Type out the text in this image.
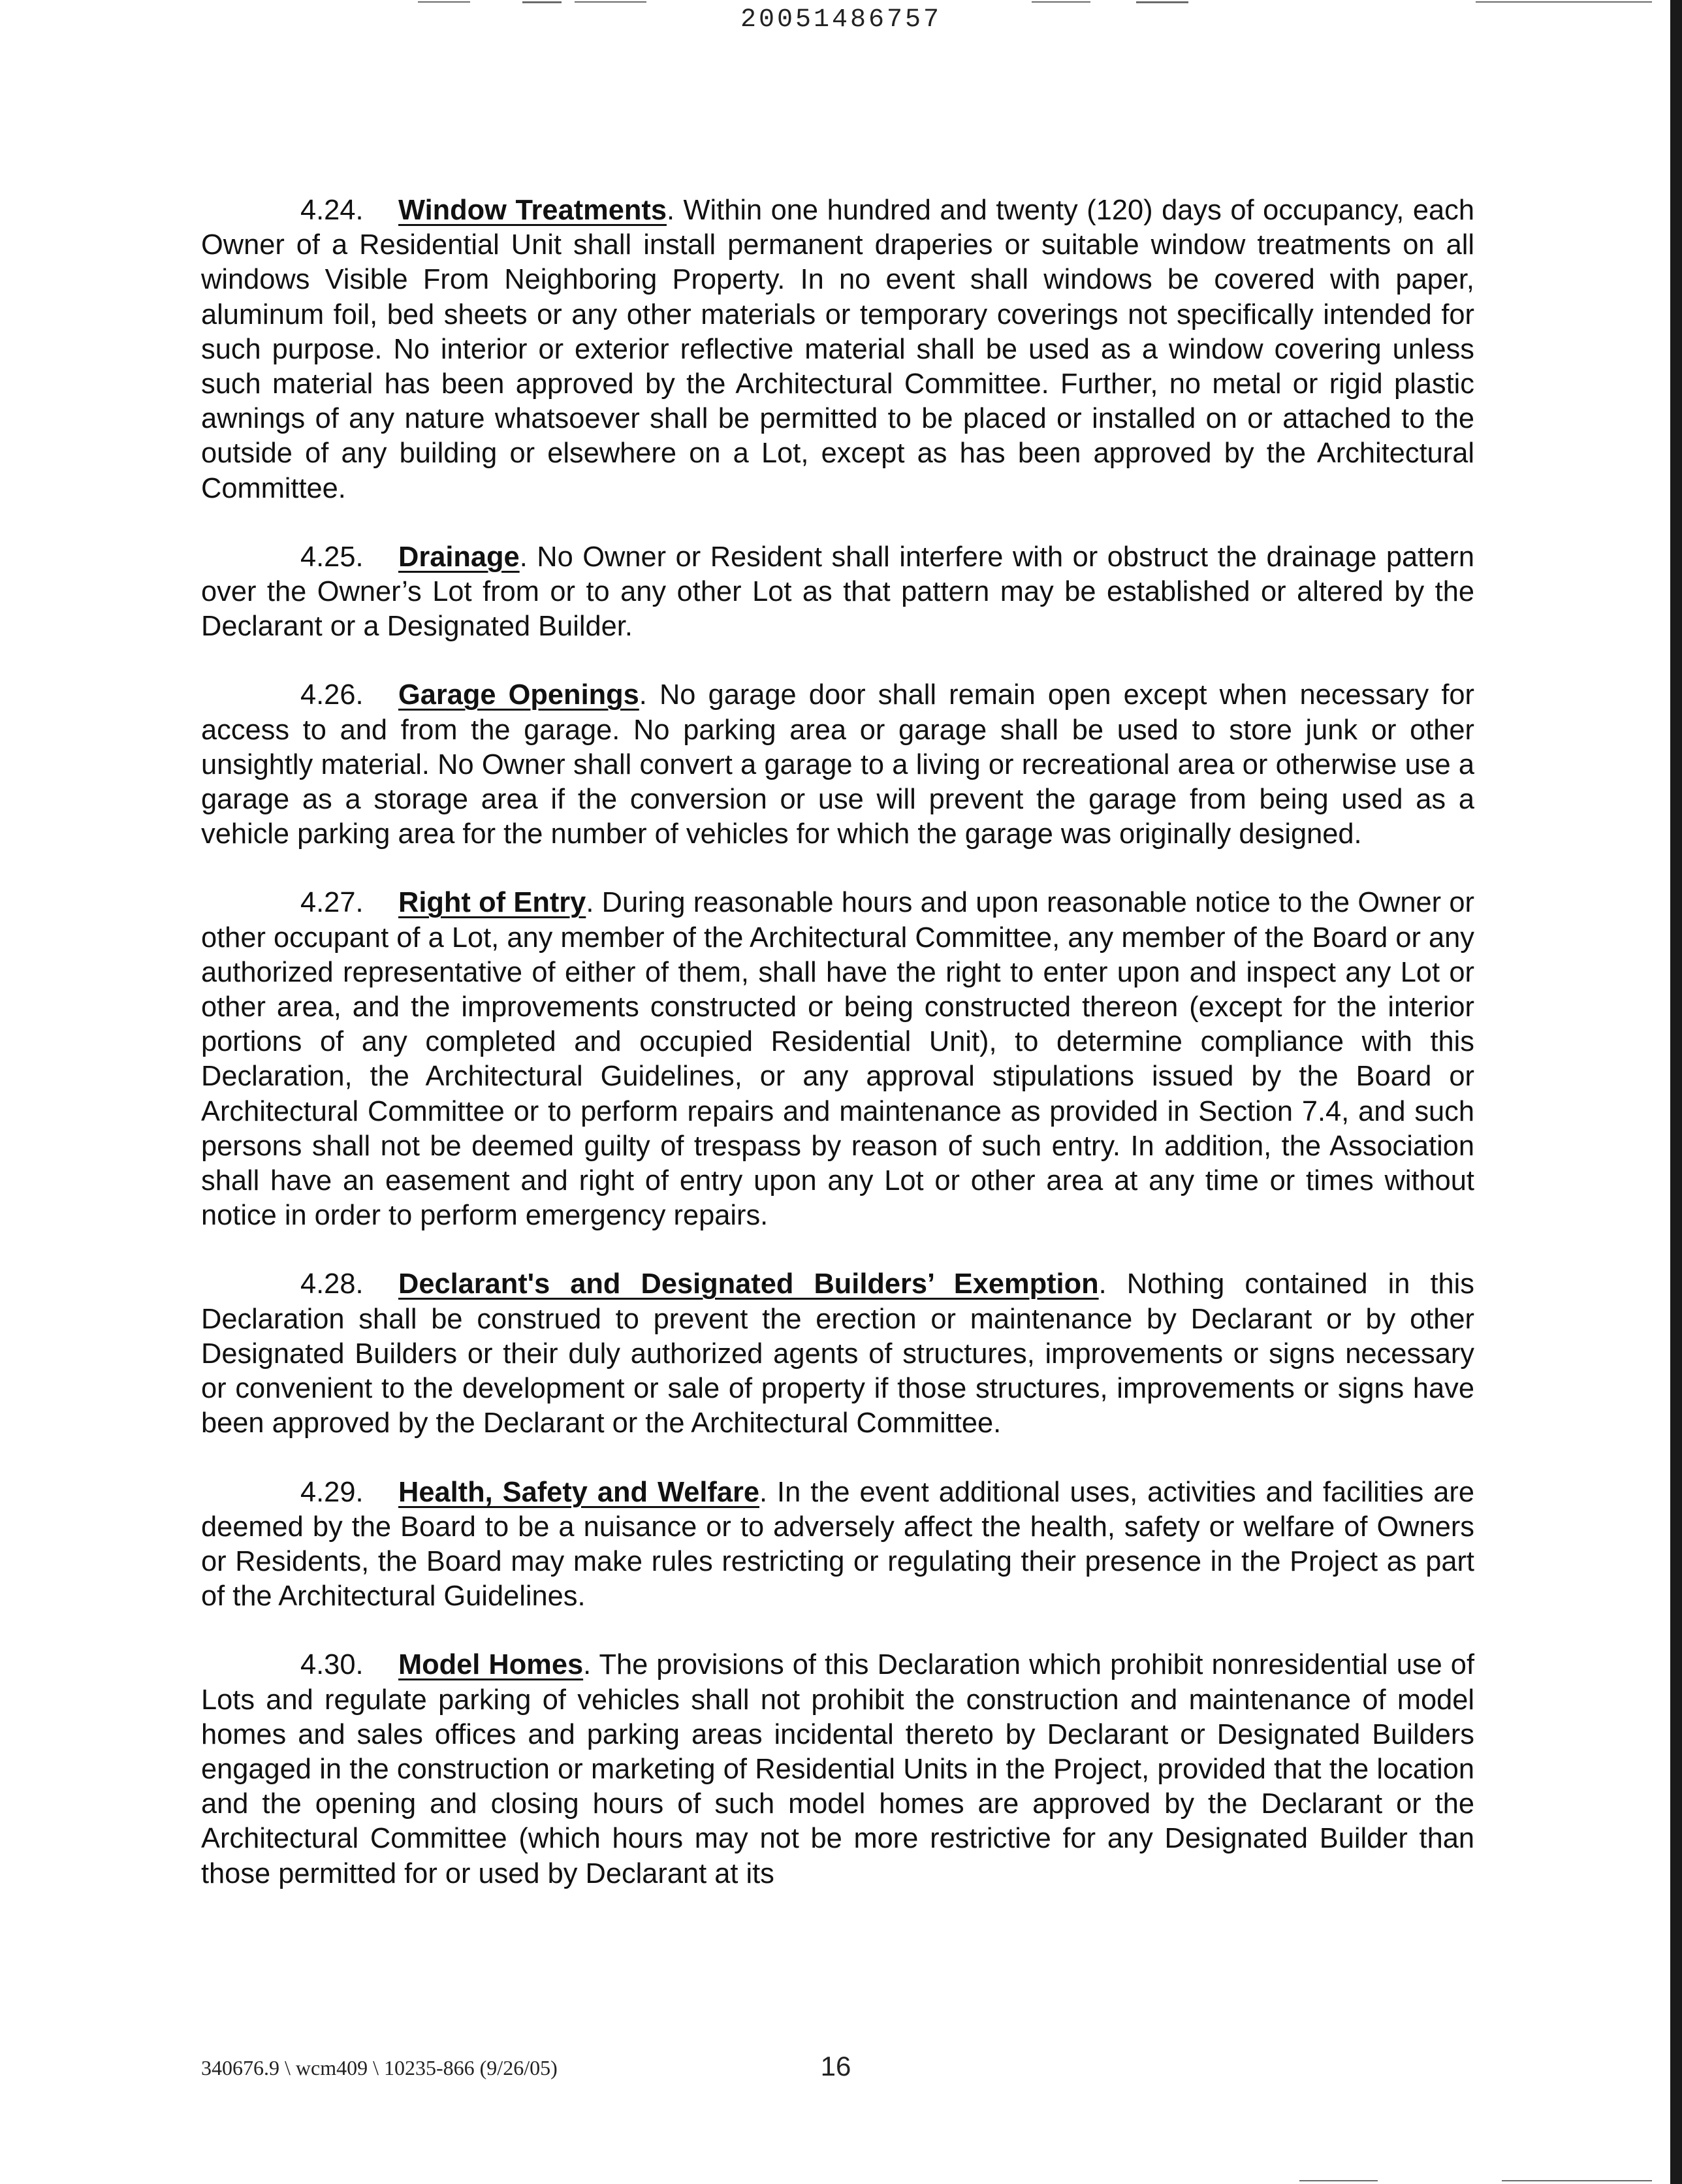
20051486757

4.24. Window Treatments. Within one hundred and twenty (120) days of occupancy, each Owner of a Residential Unit shall install permanent draperies or suitable window treatments on all windows Visible From Neighboring Property. In no event shall windows be covered with paper, aluminum foil, bed sheets or any other materials or temporary coverings not specifically intended for such purpose. No interior or exterior reflective material shall be used as a window covering unless such material has been approved by the Architectural Committee. Further, no metal or rigid plastic awnings of any nature whatsoever shall be permitted to be placed or installed on or attached to the outside of any building or elsewhere on a Lot, except as has been approved by the Architectural Committee.

4.25. Drainage. No Owner or Resident shall interfere with or obstruct the drainage pattern over the Owner’s Lot from or to any other Lot as that pattern may be established or altered by the Declarant or a Designated Builder.

4.26. Garage Openings. No garage door shall remain open except when necessary for access to and from the garage. No parking area or garage shall be used to store junk or other unsightly material. No Owner shall convert a garage to a living or recreational area or otherwise use a garage as a storage area if the conversion or use will prevent the garage from being used as a vehicle parking area for the number of vehicles for which the garage was originally designed.

4.27. Right of Entry. During reasonable hours and upon reasonable notice to the Owner or other occupant of a Lot, any member of the Architectural Committee, any member of the Board or any authorized representative of either of them, shall have the right to enter upon and inspect any Lot or other area, and the improvements constructed or being constructed thereon (except for the interior portions of any completed and occupied Residential Unit), to determine compliance with this Declaration, the Architectural Guidelines, or any approval stipulations issued by the Board or Architectural Committee or to perform repairs and maintenance as provided in Section 7.4, and such persons shall not be deemed guilty of trespass by reason of such entry. In addition, the Association shall have an easement and right of entry upon any Lot or other area at any time or times without notice in order to perform emergency repairs.

4.28. Declarant's and Designated Builders’ Exemption. Nothing contained in this Declaration shall be construed to prevent the erection or maintenance by Declarant or by other Designated Builders or their duly authorized agents of structures, improvements or signs necessary or convenient to the development or sale of property if those structures, improvements or signs have been approved by the Declarant or the Architectural Committee.

4.29. Health, Safety and Welfare. In the event additional uses, activities and facilities are deemed by the Board to be a nuisance or to adversely affect the health, safety or welfare of Owners or Residents, the Board may make rules restricting or regulating their presence in the Project as part of the Architectural Guidelines.

4.30. Model Homes. The provisions of this Declaration which prohibit nonresidential use of Lots and regulate parking of vehicles shall not prohibit the construction and maintenance of model homes and sales offices and parking areas incidental thereto by Declarant or Designated Builders engaged in the construction or marketing of Residential Units in the Project, provided that the location and the opening and closing hours of such model homes are approved by the Declarant or the Architectural Committee (which hours may not be more restrictive for any Designated Builder than those permitted for or used by Declarant at its

340676.9 \ wcm409 \ 10235-866 (9/26/05)	16
